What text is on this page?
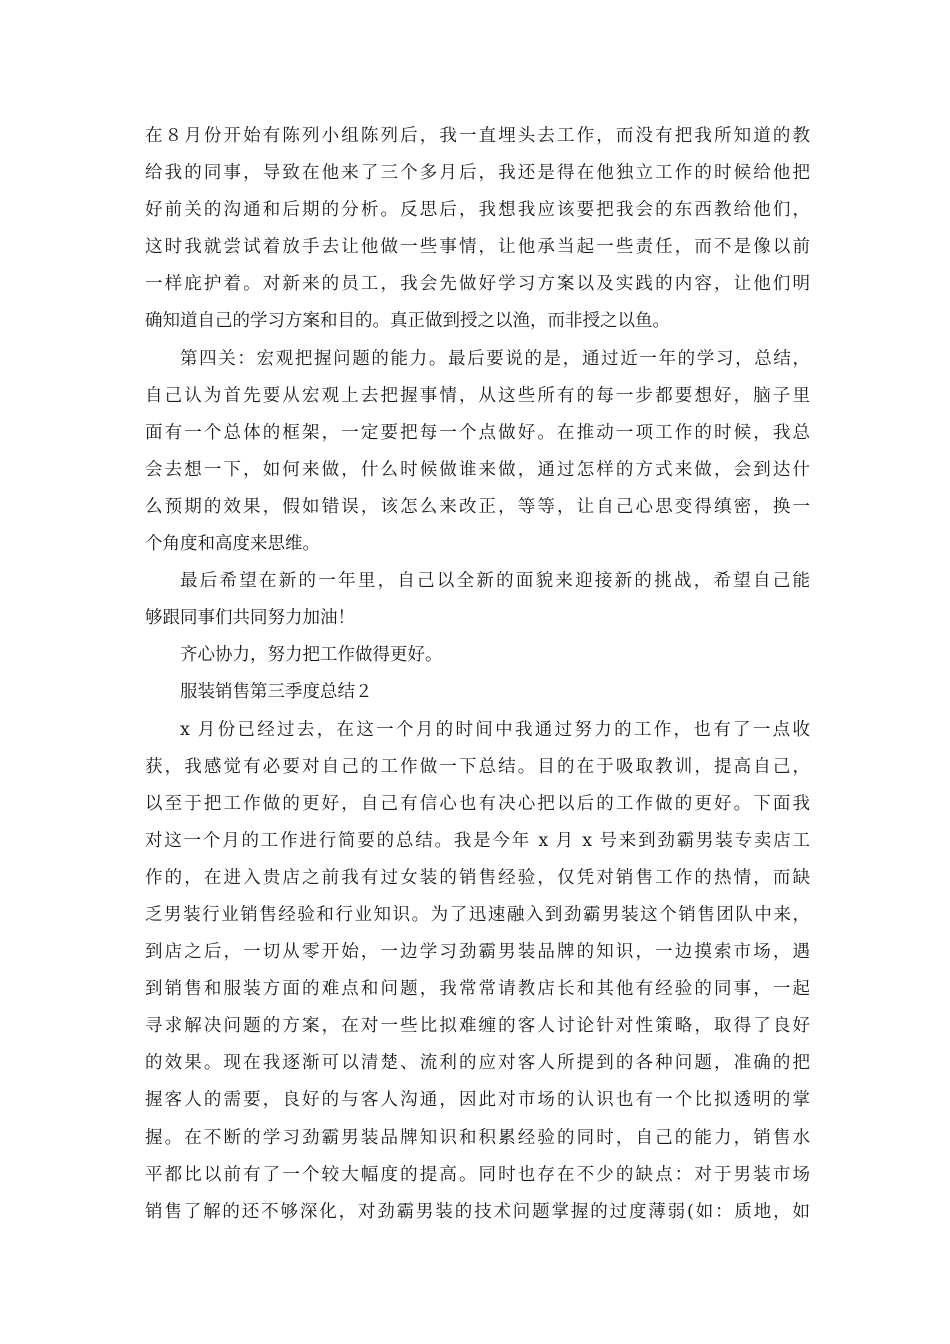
在８月份开始有陈列小组陈列后，我一直埋头去工作，而没有把我所知道的教
给我的同事，导致在他来了三个多月后，我还是得在他独立工作的时候给他把
好前关的沟通和后期的分析。反思后，我想我应该要把我会的东西教给他们，
这时我就尝试着放手去让他做一些事情，让他承当起一些责任，而不是像以前
一样庇护着。对新来的员工，我会先做好学习方案以及实践的内容，让他们明
确知道自己的学习方案和目的。真正做到授之以渔，而非授之以鱼。
第四关：宏观把握问题的能力。最后要说的是，通过近一年的学习，总结，
自己认为首先要从宏观上去把握事情，从这些所有的每一步都要想好，脑子里
面有一个总体的框架，一定要把每一个点做好。在推动一项工作的时候，我总
会去想一下，如何来做，什么时候做谁来做，通过怎样的方式来做，会到达什
么预期的效果，假如错误，该怎么来改正，等等，让自己心思变得缜密，换一
个角度和高度来思维。
最后希望在新的一年里，自己以全新的面貌来迎接新的挑战，希望自己能
够跟同事们共同努力加油！
齐心协力，努力把工作做得更好。
服装销售第三季度总结２
x 月份已经过去，在这一个月的时间中我通过努力的工作，也有了一点收
获，我感觉有必要对自己的工作做一下总结。目的在于吸取教训，提高自己，
以至于把工作做的更好，自己有信心也有决心把以后的工作做的更好。下面我
对这一个月的工作进行简要的总结。我是今年 x 月 x 号来到劲霸男装专卖店工
作的，在进入贵店之前我有过女装的销售经验，仅凭对销售工作的热情，而缺
乏男装行业销售经验和行业知识。为了迅速融入到劲霸男装这个销售团队中来，
到店之后，一切从零开始，一边学习劲霸男装品牌的知识，一边摸索市场，遇
到销售和服装方面的难点和问题，我常常请教店长和其他有经验的同事，一起
寻求解决问题的方案，在对一些比拟难缠的客人讨论针对性策略，取得了良好
的效果。现在我逐渐可以清楚、流利的应对客人所提到的各种问题，准确的把
握客人的需要，良好的与客人沟通，因此对市场的认识也有一个比拟透明的掌
握。在不断的学习劲霸男装品牌知识和积累经验的同时，自己的能力，销售水
平都比以前有了一个较大幅度的提高。同时也存在不少的缺点：对于男装市场
销售了解的还不够深化，对劲霸男装的技术问题掌握的过度薄弱(如：质地，如
